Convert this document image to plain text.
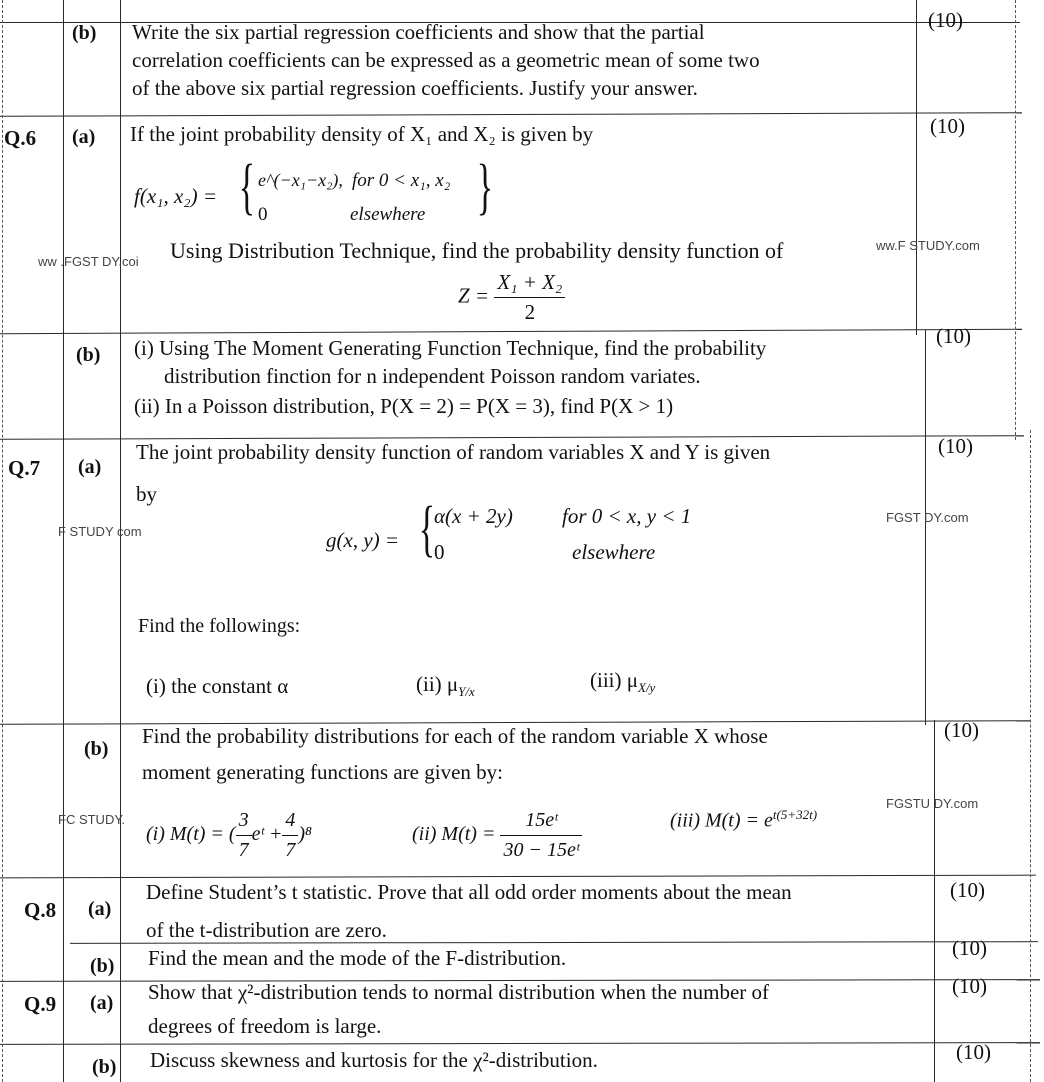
(b) Write the six partial regression coefficients and show that the partial
correlation coefficients can be expressed as a geometric mean of some two
of the above six partial regression coefficients. Justify your answer.
(10)
Q.6 (a) If the joint probability density of X₁ and X₂ is given by
f(x₁, x₂) = { e^(−x₁−x₂), for 0 < x₁, x₂
0	elsewhere }
Using Distribution Technique, find the probability density function of
$Z = \frac{\text{X₁ + X₂}}{2}$
(10)
ww .FGST DY.coi
ww.F STUDY.com
(b) (i) Using The Moment Generating Function Technique, find the probability
distribution finction for n independent Poisson random variates.
(ii) In a Poisson distribution, P(X = 2) = P(X = 3), find P(X > 1)
(10)
Q.7 (a)
The joint probability density function of random variables X and Y is given
by
g(x, y) = {
α(x + 2y) for 0 < x, y < 1
0	elsewhere
Find the followings:
(i) the constant α	(ii) $\mu_{Y/x}$	(iii) $\mu_{X/y}$
(10)
F STUDY com
FGST DY.com
(b)
Find the probability distributions for each of the random variable X whose
moment generating functions are given by:
(i) M(t) = ( $\frac{3}{7}$ eᵗ + $\frac{4}{7} )^8$	(ii) $M(t) = \frac{\text{15eᵗ}}{\text{30 − 15eᵗ}}$	(iii) $M(t) = e^{t(5+32t)}$
(10)
FC STUDY.
FGSTU DY.com
Q.8 (a)
Define Student’s t statistic. Prove that all odd order moments about the mean
of the t-distribution are zero.
(10)
(b) Find the mean and the mode of the F-distribution.	(10)
Q.9 (a) Show that χ²-distribution tends to normal distribution when the number of
degrees of freedom is large.
(10)
(b) Discuss skewness and kurtosis for the χ²-distribution.	(10)
